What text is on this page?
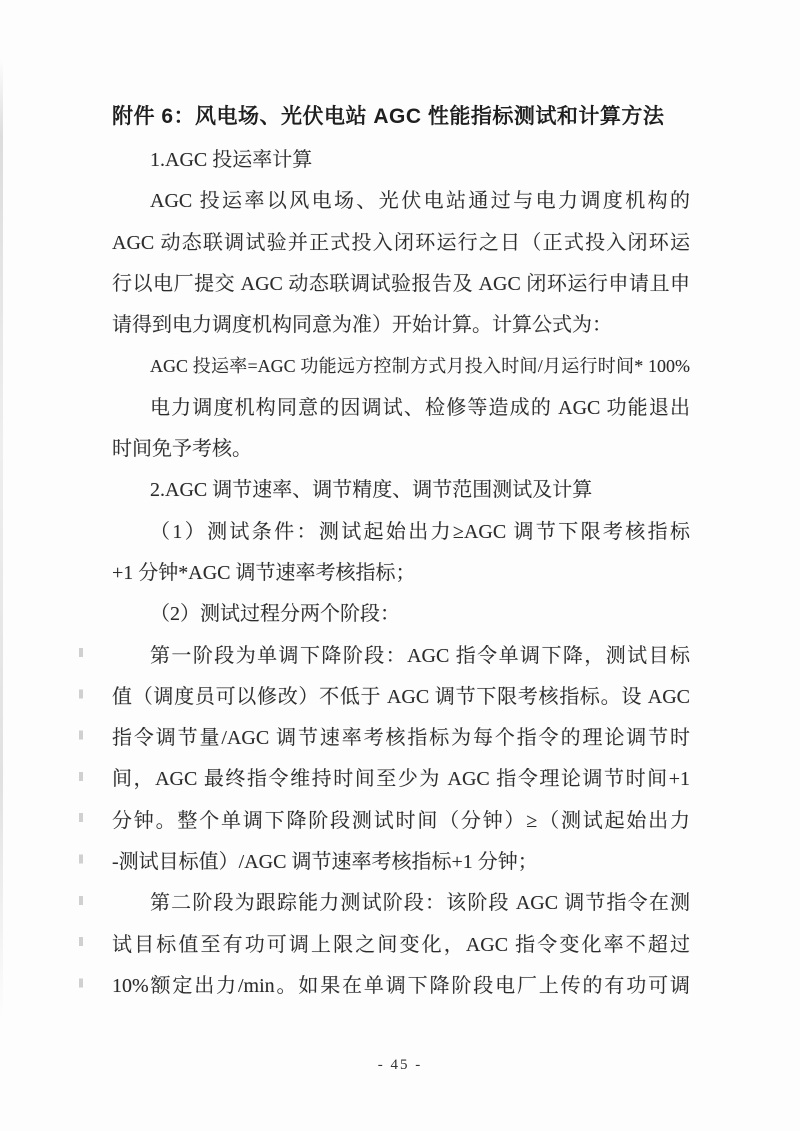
附件 6：风电场、光伏电站 AGC 性能指标测试和计算方法
1.AGC 投运率计算
AGC 投运率以风电场、光伏电站通过与电力调度机构的
AGC 动态联调试验并正式投入闭环运行之日（正式投入闭环运
行以电厂提交 AGC 动态联调试验报告及 AGC 闭环运行申请且申
请得到电力调度机构同意为准）开始计算。计算公式为：
AGC 投运率=AGC 功能远方控制方式月投入时间/月运行时间* 100%
电力调度机构同意的因调试、检修等造成的 AGC 功能退出
时间免予考核。
2.AGC 调节速率、调节精度、调节范围测试及计算
（1）测试条件：测试起始出力≥AGC 调节下限考核指标
+1 分钟*AGC 调节速率考核指标；
（2）测试过程分两个阶段：
第一阶段为单调下降阶段：AGC 指令单调下降，测试目标
值（调度员可以修改）不低于 AGC 调节下限考核指标。设 AGC
指令调节量/AGC 调节速率考核指标为每个指令的理论调节时
间，AGC 最终指令维持时间至少为 AGC 指令理论调节时间+1
分钟。整个单调下降阶段测试时间（分钟）≥（测试起始出力
-测试目标值）/AGC 调节速率考核指标+1 分钟；
第二阶段为跟踪能力测试阶段：该阶段 AGC 调节指令在测
试目标值至有功可调上限之间变化，AGC 指令变化率不超过
10%额定出力/min。如果在单调下降阶段电厂上传的有功可调
- 45 -
